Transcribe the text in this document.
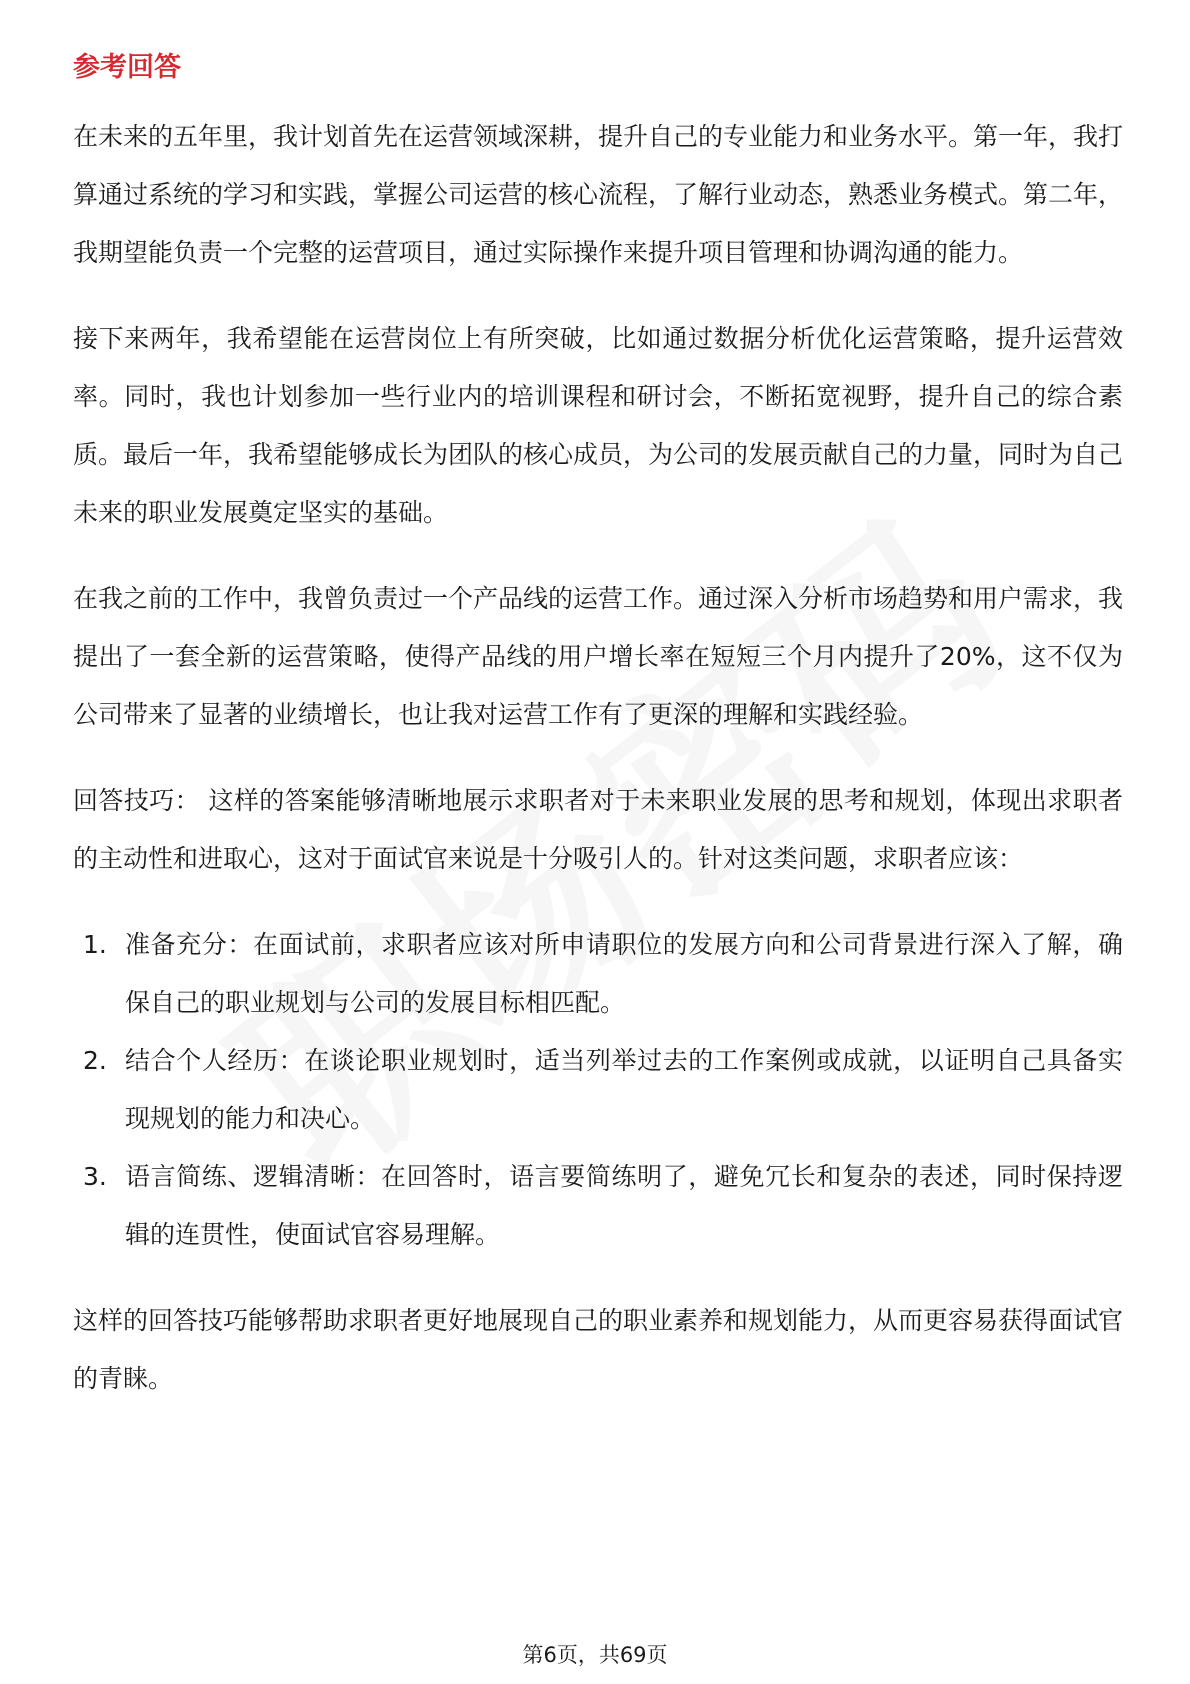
参考回答

在未来的五年里，我计划首先在运营领域深耕，提升自己的专业能力和业务水平。第一年，我打算通过系统的学习和实践，掌握公司运营的核心流程，了解行业动态，熟悉业务模式。第二年，我期望能负责一个完整的运营项目，通过实际操作来提升项目管理和协调沟通的能力。

接下来两年，我希望能在运营岗位上有所突破，比如通过数据分析优化运营策略，提升运营效率。同时，我也计划参加一些行业内的培训课程和研讨会，不断拓宽视野，提升自己的综合素质。最后一年，我希望能够成长为团队的核心成员，为公司的发展贡献自己的力量，同时为自己未来的职业发展奠定坚实的基础。

在我之前的工作中，我曾负责过一个产品线的运营工作。通过深入分析市场趋势和用户需求，我提出了一套全新的运营策略，使得产品线的用户增长率在短短三个月内提升了20%，这不仅为公司带来了显著的业绩增长，也让我对运营工作有了更深的理解和实践经验。

回答技巧： 这样的答案能够清晰地展示求职者对于未来职业发展的思考和规划，体现出求职者的主动性和进取心，这对于面试官来说是十分吸引人的。针对这类问题，求职者应该：

1. 准备充分：在面试前，求职者应该对所申请职位的发展方向和公司背景进行深入了解，确保自己的职业规划与公司的发展目标相匹配。
2. 结合个人经历：在谈论职业规划时，适当列举过去的工作案例或成就，以证明自己具备实现规划的能力和决心。
3. 语言简练、逻辑清晰：在回答时，语言要简练明了，避免冗长和复杂的表述，同时保持逻辑的连贯性，使面试官容易理解。

这样的回答技巧能够帮助求职者更好地展现自己的职业素养和规划能力，从而更容易获得面试官的青睐。

第6页，共69页
